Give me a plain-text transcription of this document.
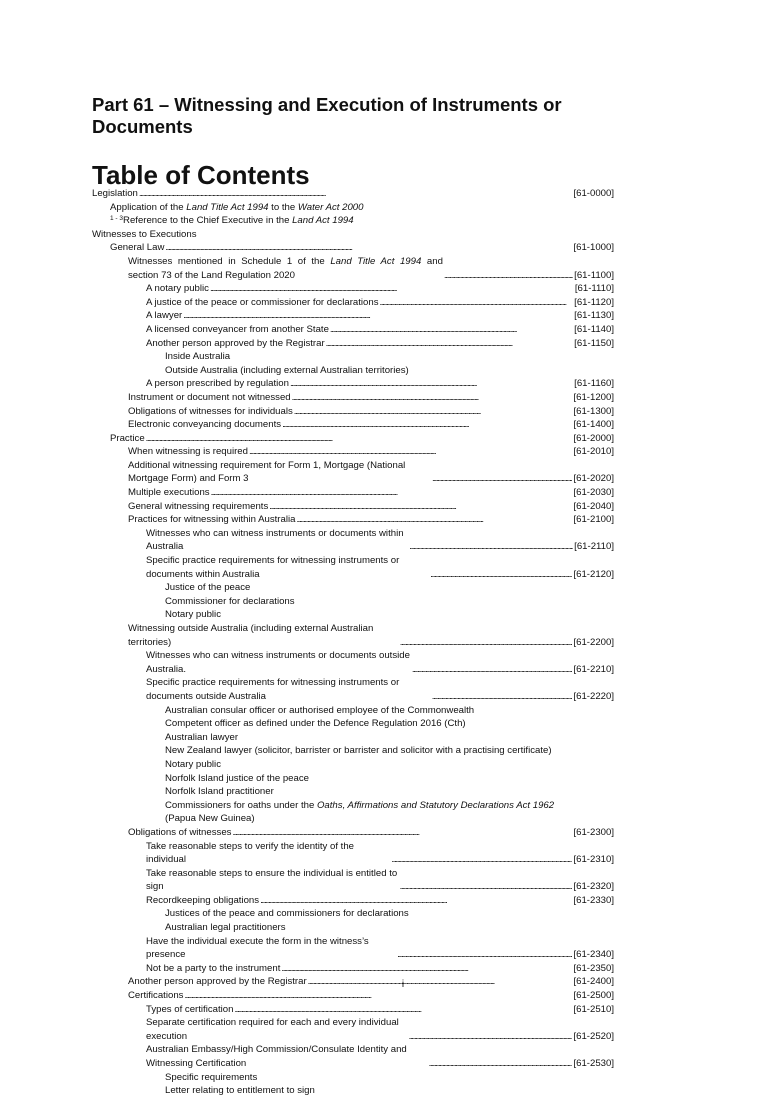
Part 61 – Witnessing and Execution of Instruments or Documents
Table of Contents
Legislation . . .	[61-0000]
Application of the Land Title Act 1994 to the Water Act 2000
$^{1 - 3}$Reference to the Chief Executive in the Land Act 1994
Witnesses to Executions
General Law . . .	[61-1000]
Witnesses mentioned in Schedule 1 of the Land Title Act 1994 and section 73 of the Land Regulation 2020 . . .	[61-1100]
A notary public . . .	[61-1110]
A justice of the peace or commissioner for declarations . . .	[61-1120]
A lawyer . . .	[61-1130]
A licensed conveyancer from another State . . .	[61-1140]
Another person approved by the Registrar . . .	[61-1150]
Inside Australia
Outside Australia (including external Australian territories)
A person prescribed by regulation . . .	[61-1160]
Instrument or document not witnessed . . .	[61-1200]
Obligations of witnesses for individuals . . .	[61-1300]
Electronic conveyancing documents . . .	[61-1400]
Practice . . .	[61-2000]
When witnessing is required . . .	[61-2010]
Additional witnessing requirement for Form 1, Mortgage (National Mortgage Form) and Form 3 . . .	[61-2020]
Multiple executions . . .	[61-2030]
General witnessing requirements . . .	[61-2040]
Practices for witnessing within Australia . . .	[61-2100]
Witnesses who can witness instruments or documents within Australia . . .	[61-2110]
Specific practice requirements for witnessing instruments or documents within Australia . . .	[61-2120]
Justice of the peace
Commissioner for declarations
Notary public
Witnessing outside Australia (including external Australian territories) . . .	[61-2200]
Witnesses who can witness instruments or documents outside Australia. . . .	[61-2210]
Specific practice requirements for witnessing instruments or documents outside Australia . . .	[61-2220]
Australian consular officer or authorised employee of the Commonwealth
Competent officer as defined under the Defence Regulation 2016 (Cth)
Australian lawyer
New Zealand lawyer (solicitor, barrister or barrister and solicitor with a practising certificate)
Notary public
Norfolk Island justice of the peace
Norfolk Island practitioner
Commissioners for oaths under the Oaths, Affirmations and Statutory Declarations Act 1962 (Papua New Guinea)
Obligations of witnesses . . .	[61-2300]
Take reasonable steps to verify the identity of the individual . . .	[61-2310]
Take reasonable steps to ensure the individual is entitled to sign . . .	[61-2320]
Recordkeeping obligations . . .	[61-2330]
Justices of the peace and commissioners for declarations
Australian legal practitioners
Have the individual execute the form in the witness’s presence . . .	[61-2340]
Not be a party to the instrument . . .	[61-2350]
Another person approved by the Registrar . . .	[61-2400]
Certifications . . .	[61-2500]
Types of certification . . .	[61-2510]
Separate certification required for each and every individual execution . . .	[61-2520]
Australian Embassy/High Commission/Consulate Identity and Witnessing Certification . . .	[61-2530]
Specific requirements
Letter relating to entitlement to sign
i
